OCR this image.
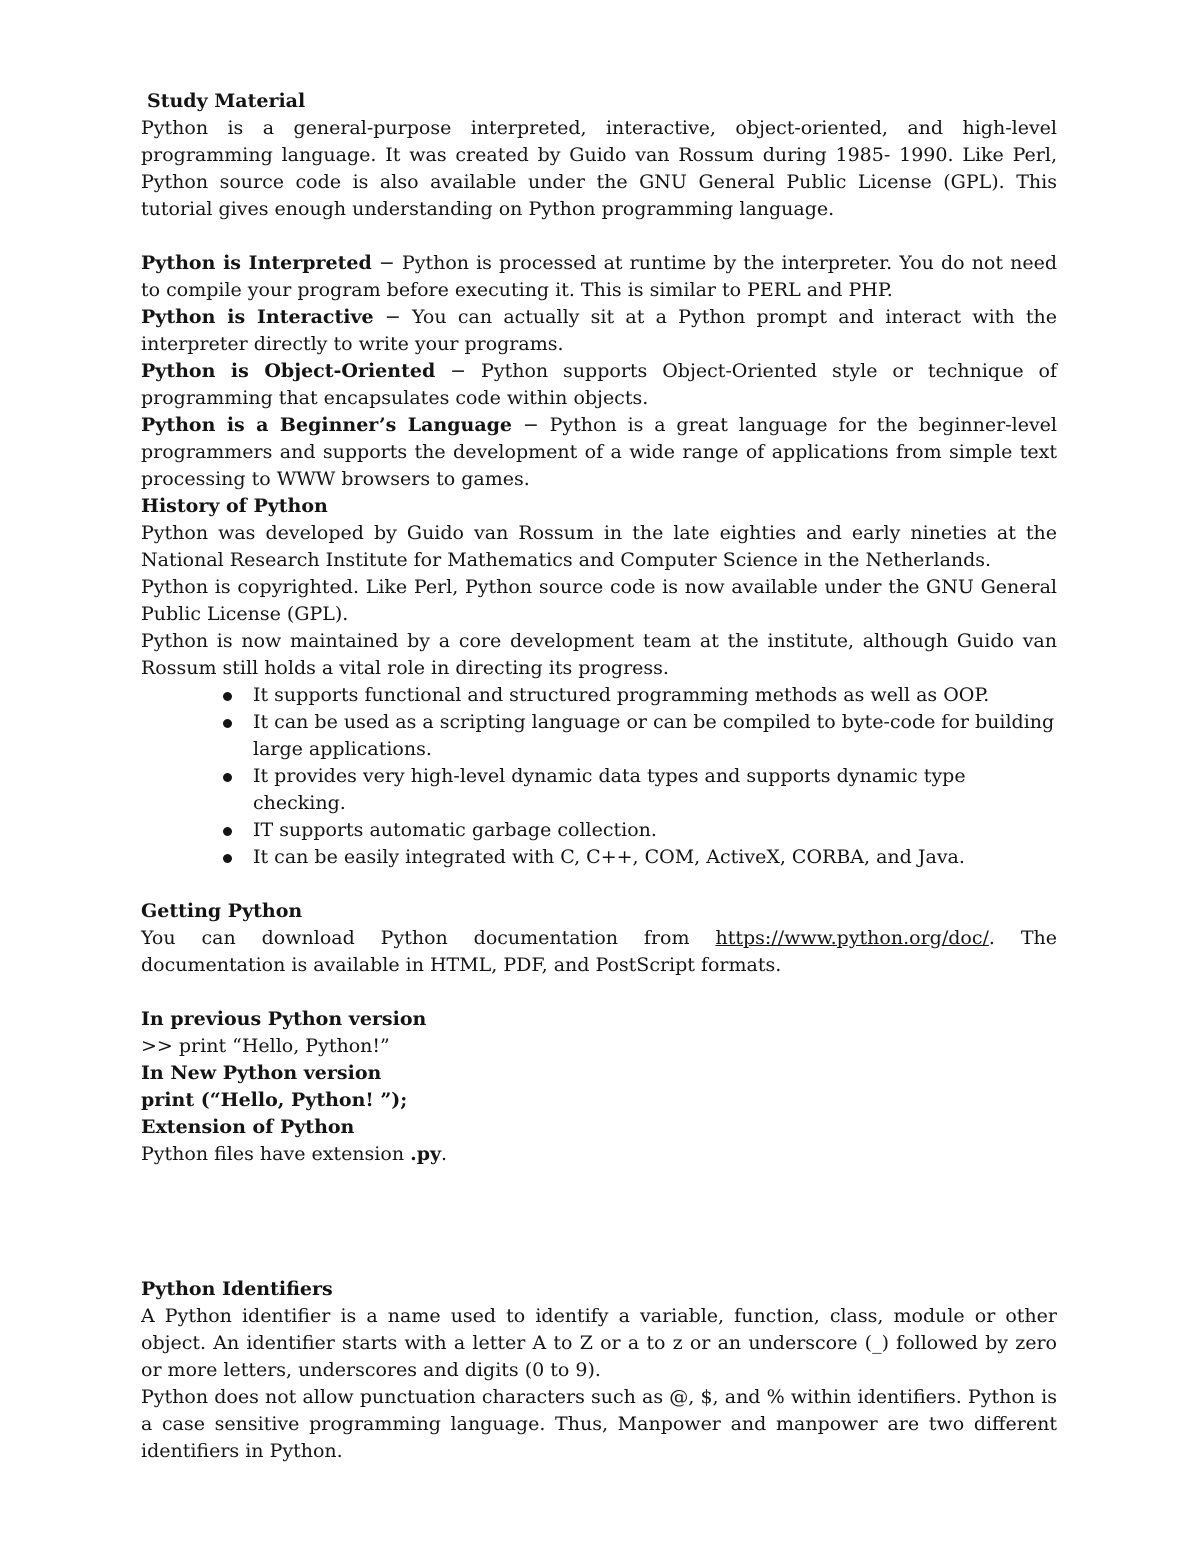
Study Material

Python is a general-purpose interpreted, interactive, object-oriented, and high-level programming language. It was created by Guido van Rossum during 1985- 1990. Like Perl, Python source code is also available under the GNU General Public License (GPL). This tutorial gives enough understanding on Python programming language.

Python is Interpreted − Python is processed at runtime by the interpreter. You do not need to compile your program before executing it. This is similar to PERL and PHP.

Python is Interactive − You can actually sit at a Python prompt and interact with the interpreter directly to write your programs.

Python is Object-Oriented − Python supports Object-Oriented style or technique of programming that encapsulates code within objects.

Python is a Beginner’s Language − Python is a great language for the beginner-level programmers and supports the development of a wide range of applications from simple text processing to WWW browsers to games.

History of Python

Python was developed by Guido van Rossum in the late eighties and early nineties at the National Research Institute for Mathematics and Computer Science in the Netherlands.

Python is copyrighted. Like Perl, Python source code is now available under the GNU General Public License (GPL).

Python is now maintained by a core development team at the institute, although Guido van Rossum still holds a vital role in directing its progress.

It supports functional and structured programming methods as well as OOP.
It can be used as a scripting language or can be compiled to byte-code for building large applications.
It provides very high-level dynamic data types and supports dynamic type checking.
IT supports automatic garbage collection.
It can be easily integrated with C, C++, COM, ActiveX, CORBA, and Java.

Getting Python

You can download Python documentation from https://www.python.org/doc/. The documentation is available in HTML, PDF, and PostScript formats.

In previous Python version

>> print “Hello, Python!”

In New Python version

print (“Hello, Python! ”);

Extension of Python

Python files have extension .py.

Python Identifiers

A Python identifier is a name used to identify a variable, function, class, module or other object. An identifier starts with a letter A to Z or a to z or an underscore (_) followed by zero or more letters, underscores and digits (0 to 9).

Python does not allow punctuation characters such as @, $, and % within identifiers. Python is a case sensitive programming language. Thus, Manpower and manpower are two different identifiers in Python.
